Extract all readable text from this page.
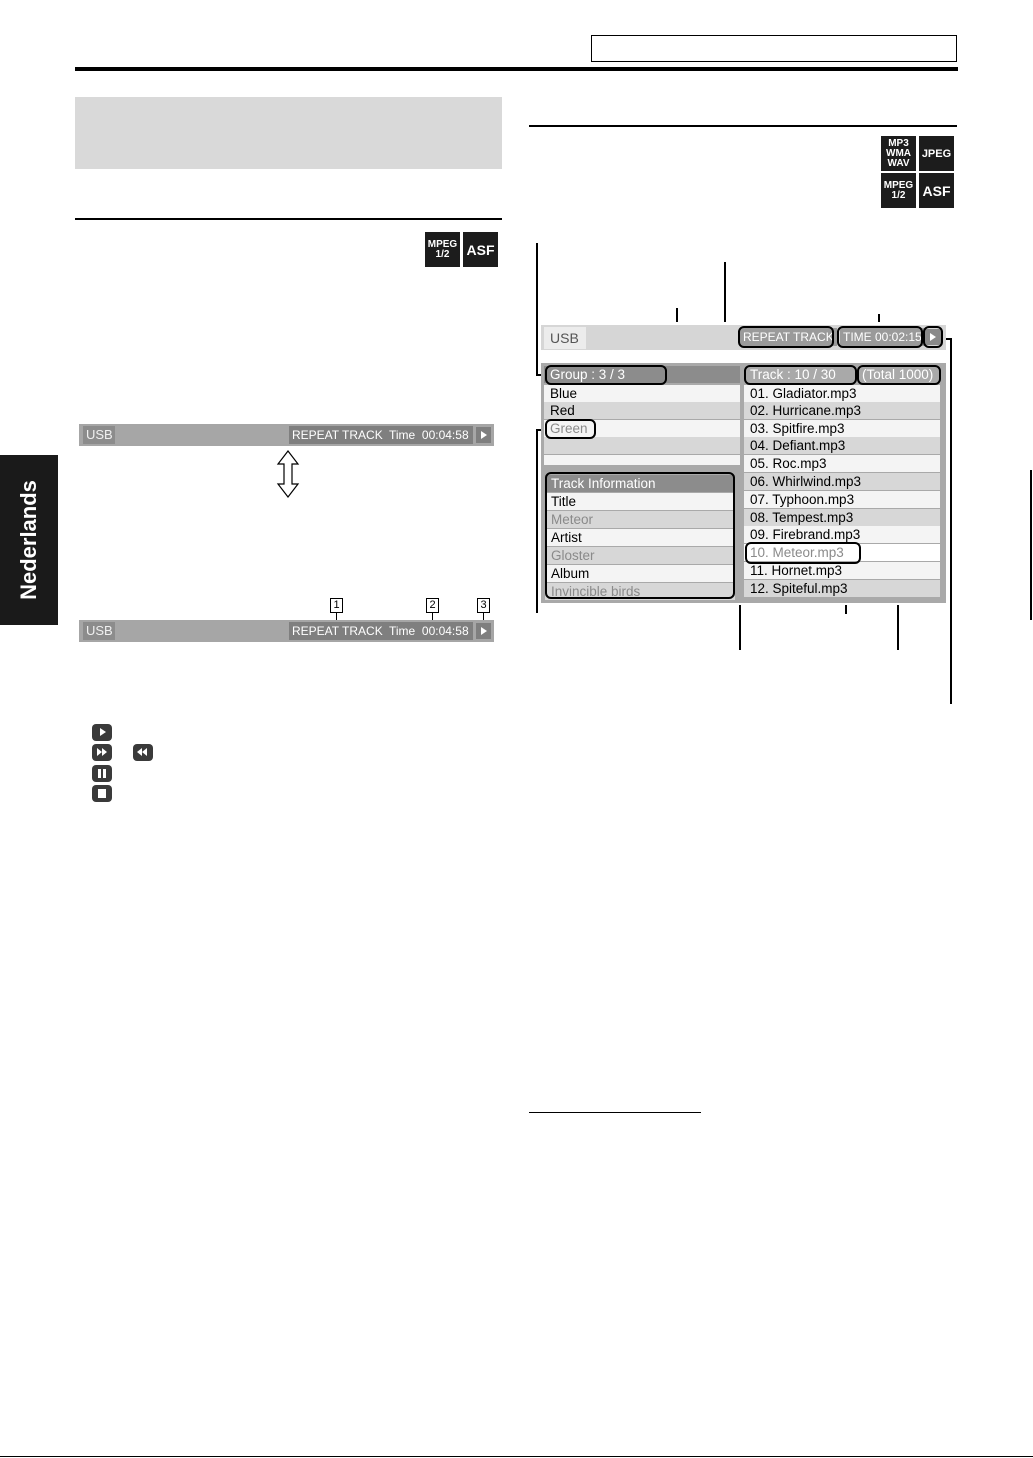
MPEG
1/2	ASF
Nederlands
USB	REPEAT TRACK Time 00:04:58
1	2	3
USB	REPEAT TRACK Time 00:04:58
MP3
WMA
WAV
JPEG
MPEG
1/2	ASF
USB	REPEAT TRACK TIME 00:02:15
Group : 3 / 3
Blue
Red
Green
Track Information
Title
Meteor
Artist
Gloster
Album
Invincible birds
Track : 10 / 30	(Total 1000)
01. Gladiator.mp3
02. Hurricane.mp3
03. Spitfire.mp3
04. Defiant.mp3
05. Roc.mp3
06. Whirlwind.mp3
07. Typhoon.mp3
08. Tempest.mp3
09. Firebrand.mp3
10. Meteor.mp3
11. Hornet.mp3
12. Spiteful.mp3
